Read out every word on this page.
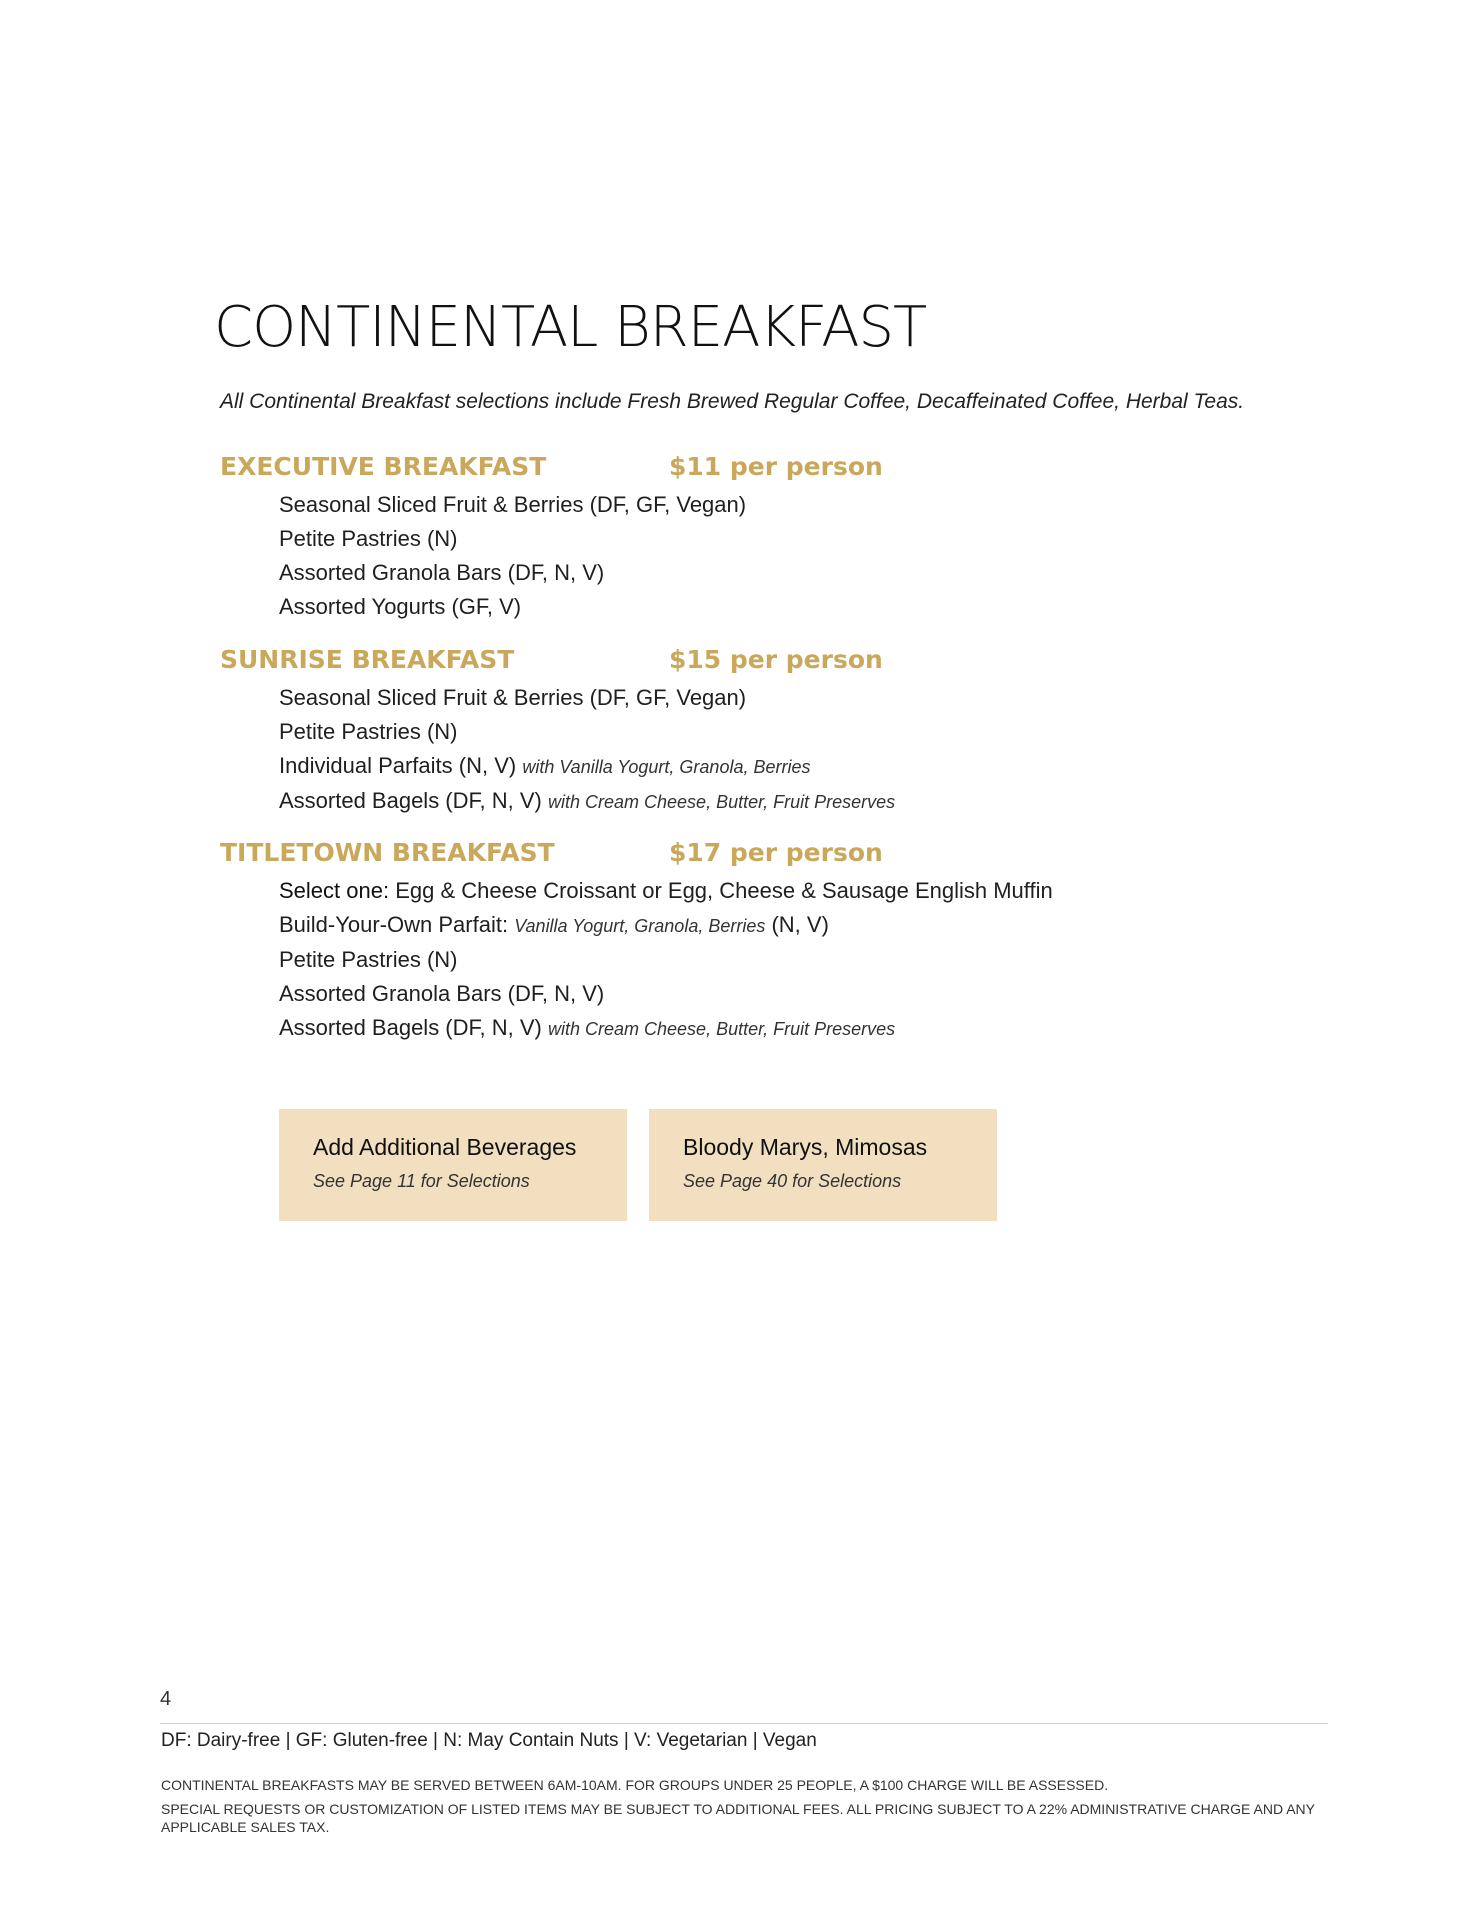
CONTINENTAL BREAKFAST

All Continental Breakfast selections include Fresh Brewed Regular Coffee, Decaffeinated Coffee, Herbal Teas.

EXECUTIVE BREAKFAST	$11 per person
Seasonal Sliced Fruit & Berries (DF, GF, Vegan)
Petite Pastries (N)
Assorted Granola Bars (DF, N, V)
Assorted Yogurts (GF, V)
SUNRISE BREAKFAST	$15 per person
Seasonal Sliced Fruit & Berries (DF, GF, Vegan)
Petite Pastries (N)
Individual Parfaits (N, V) with Vanilla Yogurt, Granola, Berries
Assorted Bagels (DF, N, V) with Cream Cheese, Butter, Fruit Preserves
TITLETOWN BREAKFAST	$17 per person
Select one: Egg & Cheese Croissant or Egg, Cheese & Sausage English Muffin
Build-Your-Own Parfait: Vanilla Yogurt, Granola, Berries (N, V)
Petite Pastries (N)
Assorted Granola Bars (DF, N, V)
Assorted Bagels (DF, N, V) with Cream Cheese, Butter, Fruit Preserves
Add Additional Beverages
See Page 11 for Selections
Bloody Marys, Mimosas
See Page 40 for Selections
4
DF: Dairy-free | GF: Gluten-free | N: May Contain Nuts | V: Vegetarian | Vegan
CONTINENTAL BREAKFASTS MAY BE SERVED BETWEEN 6AM-10AM. FOR GROUPS UNDER 25 PEOPLE, A $100 CHARGE WILL BE ASSESSED.
SPECIAL REQUESTS OR CUSTOMIZATION OF LISTED ITEMS MAY BE SUBJECT TO ADDITIONAL FEES. ALL PRICING SUBJECT TO A 22% ADMINISTRATIVE CHARGE AND ANY APPLICABLE SALES TAX.
